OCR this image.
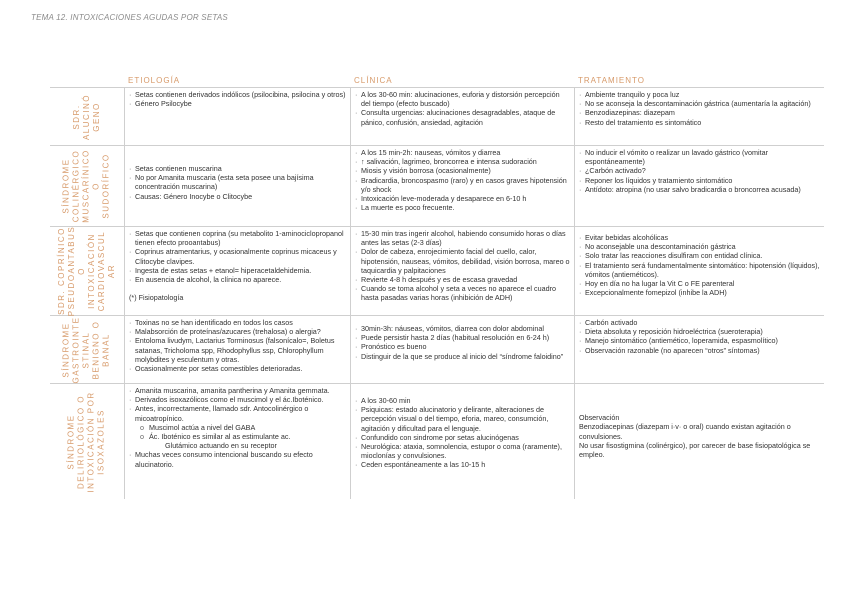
TEMA 12. INTOXICACIONES AGUDAS POR SETAS
ETIOLOGÍA	CLÍNICA	TRATAMIENTO
SDR. ALUCINÓ GENO
· Setas contienen derivados indólicos (psilocibina, psilocina y otros)
· Género Psilocybe
· A los 30-60 min: alucinaciones, euforia y distorsión percepción del tiempo (efecto buscado)
· Consulta urgencias: alucinaciones desagradables, ataque de pánico, confusión, ansiedad, agitación
· Ambiente tranquilo y poca luz
· No se aconseja la descontaminación gástrica (aumentaría la agitación)
· Benzodiazepinas: diazepam
· Resto del tratamiento es sintomático
SÍNDROME COLINÉRGICO MUSCARÍNICO O SUDORÍFICO
·	Setas contienen muscarina
· No por Amanita muscaria (esta seta posee una bajísima concentración muscarina)
· Causas: Género Inocybe o Clitocybe
· A los 15 min-2h: nauseas, vómitos y diarrea
· ↑ salivación, lagrimeo, broncorrea e intensa sudoración
· Miosis y visión borrosa (ocasionalmente)
· Bradicardia, broncospasmo (raro) y en casos graves hipotensión y/o shock
· Intoxicación leve-moderada y desaparece en 6-10 h
· La muerte es poco frecuente.
· No inducir el vómito o realizar un lavado gástrico (vomitar espontáneamente)
· ¿Carbón activado?
· Reponer los líquidos y tratamiento sintomático
· Antídoto: atropina (no usar salvo bradicardia o broncorrea acusada)
SDR. COPRÍNICO PSEUDOANTABUS O INTOXICACIÓN CARDIOVASCUL AR
· Setas que contienen coprina (su metabolito 1-aminociclopropanol tienen efecto prooantabus)
· Coprinus atramentarius, y ocasionalmente coprinus micaceus y Clitocybe clavipes.
· Ingesta de estas setas + etanol= hiperacetaldehidemia.
· En ausencia de alcohol, la clínica no aparece.

(*) Fisiopatología
· 15-30 min tras ingerir alcohol, habiendo consumido horas o días antes las setas (2-3 días)
· Dolor de cabeza, enrojecimiento facial del cuello, calor, hipotensión, nauseas, vómitos, debilidad, visión borrosa, mareo o taquicardia y palpitaciones
· Revierte 4-8 h después y es de escasa gravedad
· Cuando se toma alcohol y seta a veces no aparece el cuadro hasta pasadas varias horas (inhibición de ADH)
· Evitar bebidas alcohólicas
· No aconsejable una descontaminación gástrica
· Solo tratar las reacciones disulfiram con entidad clínica.
· El tratamiento será fundamentalmente sintomático: hipotensión (líquidos), vómitos (antieméticos).
· Hoy en día no ha lugar la Vit C o FE parenteral
· Excepcionalmente fomepizol (inhibe la ADH)
SÍNDROME GASTROINTE STINAL BENIGNO O BANAL
· Toxinas no se han identificado en todos los casos
· Malabsorción de proteínas/azucares (trehalosa) o alergia?
· Entoloma livudym, Lactarius Torminosus (falsonícalo=, Boletus satanas, Tricholoma spp, Rhodophyllus ssp, Chlorophyllum molybdites y esculentum y otras.
· Ocasionalmente por setas comestibles deterioradas.
· 30min-3h: náuseas, vómitos, diarrea con dolor abdominal
· Puede persistir hasta 2 días (habitual resolución en 6-24 h)
· Pronóstico es bueno
· Distinguir de la que se produce al inicio del “síndrome faloidino”
· Carbón activado
· Dieta absoluta y reposición hidroeléctrica (sueroterapia)
· Manejo sintomático (antiemético, loperamida, espasmolítico)
· Observación razonable (no aparecen “otros” síntomas)
SÍNDROME DELIRIOLÓGICO O INTOXICACIÓN POR ISOXAZOLES
· Amanita muscarina, amanita pantherina y Amanita gemmata.
· Derivados isoxazólicos como el muscimol y el ác.Iboténico.
· Antes, incorrectamente, llamado sdr. Antocolinérgico o micoatropínico.
o Muscimol actúa a nivel del GABA
o Ác. Iboténico es similar al as estimulante ac.
Glutámico actuando en su receptor
· Muchas veces consumo intencional buscando su efecto alucinatorio.
· A los 30-60 min
· Psiquicas: estado alucinatorio y delirante, alteraciones de percepción visual o del tiempo, eforia, mareo, consumción, agitación y dificultad para el lenguaje.
· Confundido con sindrome por setas alucinógenas
· Neurológica: ataxia, somnolencia, estupor o coma (raramente), mioclonías y convulsiones.
· Ceden espontáneamente a las 10-15 h

Observación
Benzodiacepinas (diazepam i·v· o oral) cuando existan agitación o convulsiones.
No usar fisostigmina (colinérgico), por carecer de base fisiopatológica se empleo.
